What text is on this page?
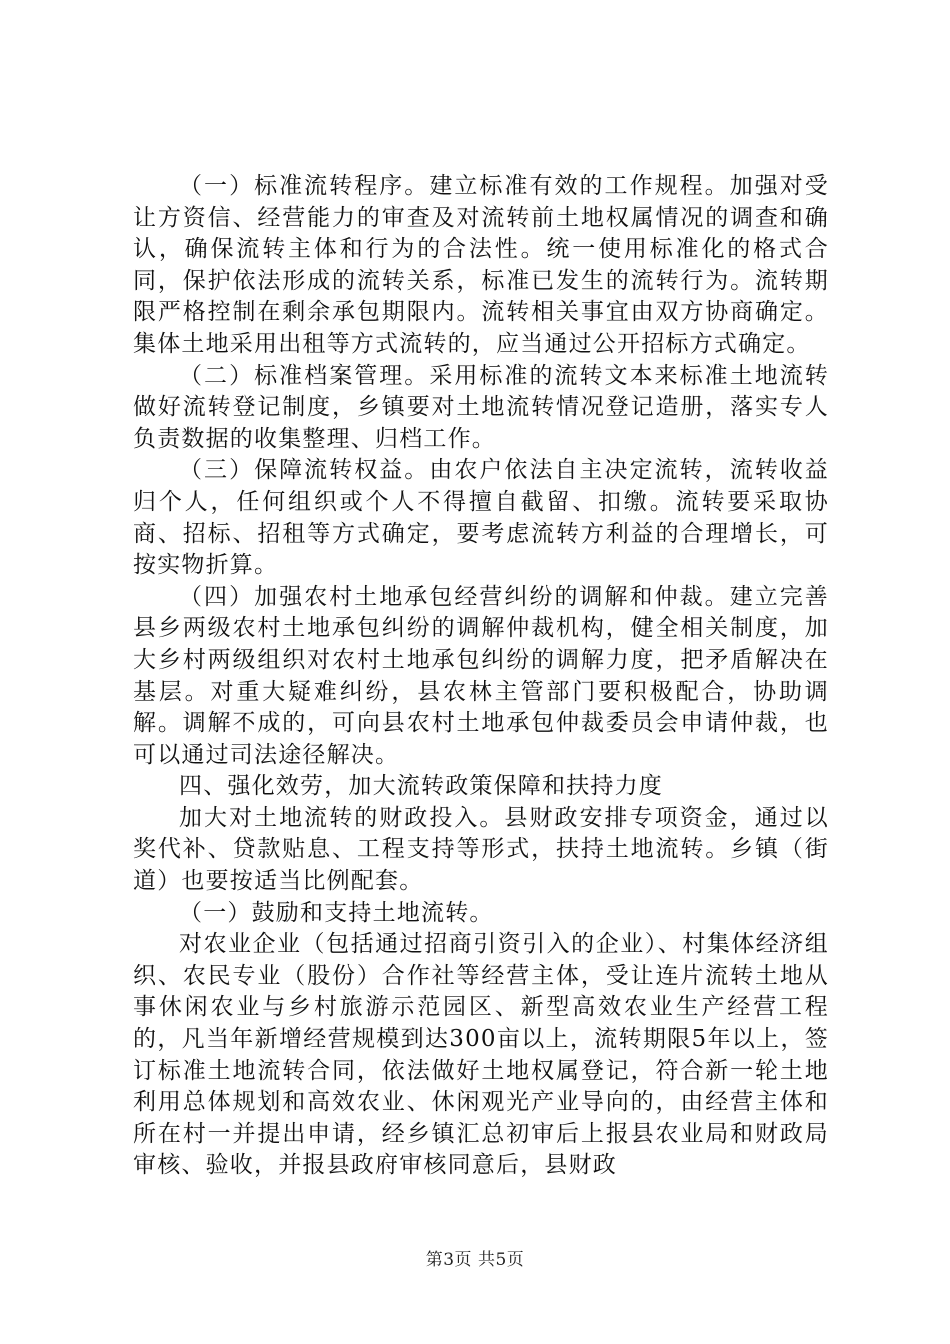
（一）标准流转程序。建立标准有效的工作规程。加强对受让方资信、经营能力的审查及对流转前土地权属情况的调查和确认，确保流转主体和行为的合法性。统一使用标准化的格式合同，保护依法形成的流转关系，标准已发生的流转行为。流转期限严格控制在剩余承包期限内。流转相关事宜由双方协商确定。集体土地采用出租等方式流转的，应当通过公开招标方式确定。

（二）标准档案管理。采用标准的流转文本来标准土地流转做好流转登记制度，乡镇要对土地流转情况登记造册，落实专人负责数据的收集整理、归档工作。

（三）保障流转权益。由农户依法自主决定流转，流转收益归个人，任何组织或个人不得擅自截留、扣缴。流转要采取协商、招标、招租等方式确定，要考虑流转方利益的合理增长，可按实物折算。

（四）加强农村土地承包经营纠纷的调解和仲裁。建立完善县乡两级农村土地承包纠纷的调解仲裁机构，健全相关制度，加大乡村两级组织对农村土地承包纠纷的调解力度，把矛盾解决在基层。对重大疑难纠纷，县农林主管部门要积极配合，协助调解。调解不成的，可向县农村土地承包仲裁委员会申请仲裁，也可以通过司法途径解决。

四、强化效劳，加大流转政策保障和扶持力度

加大对土地流转的财政投入。县财政安排专项资金，通过以奖代补、贷款贴息、工程支持等形式，扶持土地流转。乡镇（街道）也要按适当比例配套。

（一）鼓励和支持土地流转。

对农业企业（包括通过招商引资引入的企业）、村集体经济组织、农民专业（股份）合作社等经营主体，受让连片流转土地从事休闲农业与乡村旅游示范园区、新型高效农业生产经营工程的，凡当年新增经营规模到达300亩以上，流转期限5年以上，签订标准土地流转合同，依法做好土地权属登记，符合新一轮土地利用总体规划和高效农业、休闲观光产业导向的，由经营主体和所在村一并提出申请，经乡镇汇总初审后上报县农业局和财政局审核、验收，并报县政府审核同意后，县财政

第3页 共5页
